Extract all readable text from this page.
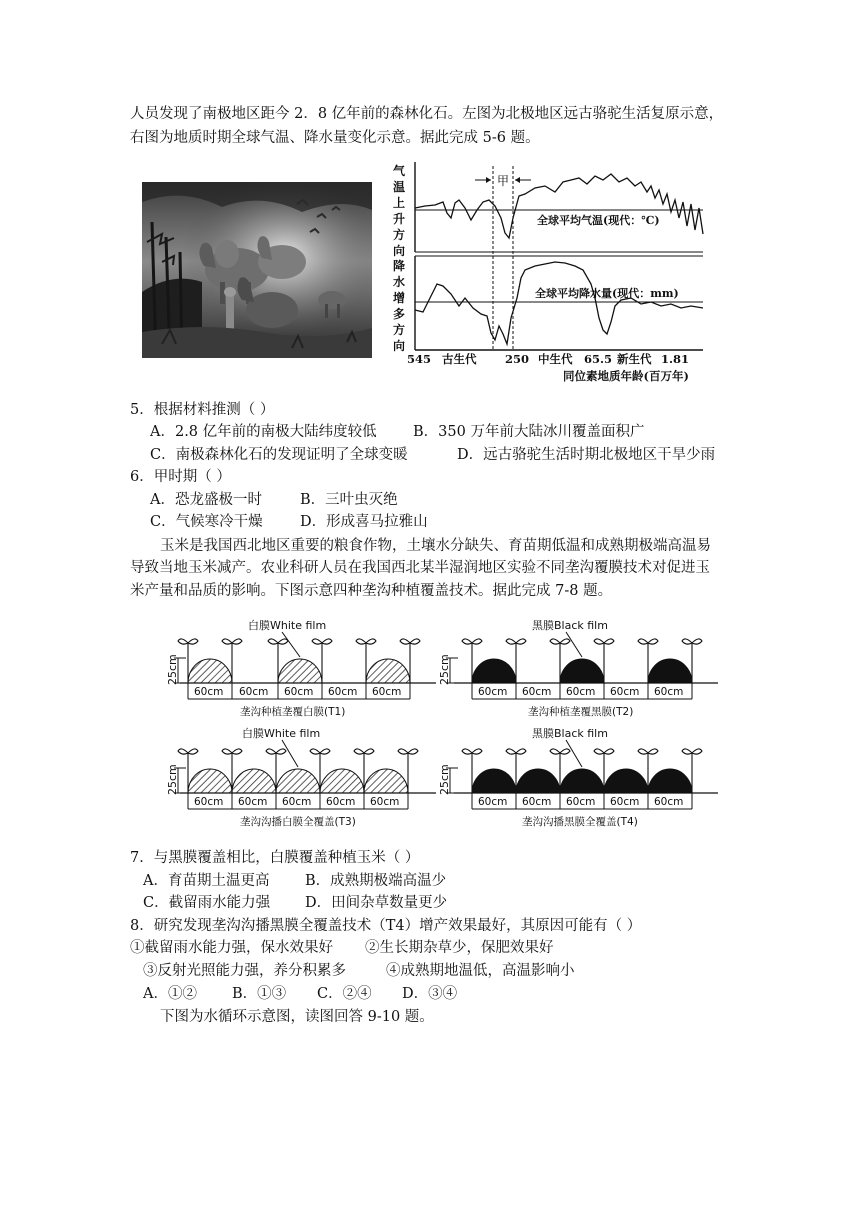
人员发现了南极地区距今 2．8 亿年前的森林化石。左图为北极地区远古骆驼生活复原示意，
右图为地质时期全球气温、降水量变化示意。据此完成 5-6 题。
气
温
上
升
方
向
降
水
增
多
方
向
甲
全球平均气温(现代：℃)
全球平均降水量(现代：mm)
545 古生代 250 中生代 65.5 新生代 1.81
同位素地质年龄(百万年)
5．根据材料推测（ ）
A．2.8 亿年前的南极大陆纬度较低	B．350 万年前大陆冰川覆盖面积广
C．南极森林化石的发现证明了全球变暖	D．远古骆驼生活时期北极地区干旱少雨
6．甲时期（ ）
A．恐龙盛极一时	B．三叶虫灭绝
C．气候寒冷干燥	D．形成喜马拉雅山
玉米是我国西北地区重要的粮食作物，土壤水分缺失、育苗期低温和成熟期极端高温易
导致当地玉米减产。农业科研人员在我国西北某半湿润地区实验不同垄沟覆膜技术对促进玉
米产量和品质的影响。下图示意四种垄沟种植覆盖技术。据此完成 7-8 题。
白膜White film
25cm
60cm 60cm 60cm 60cm 60cm
垄沟种植垄覆白膜(T1)
黑膜Black film
25cm
60cm 60cm 60cm 60cm 60cm
垄沟种植垄覆黑膜(T2)
白膜White film
25cm
60cm 60cm 60cm 60cm 60cm
垄沟沟播白膜全覆盖(T3)
黑膜Black film
25cm
60cm 60cm 60cm 60cm 60cm
垄沟沟播黑膜全覆盖(T4)
7．与黑膜覆盖相比，白膜覆盖种植玉米（ ）
A．育苗期土温更高 B．成熟期极端高温少
C．截留雨水能力强 D．田间杂草数量更少
8．研究发现垄沟沟播黑膜全覆盖技术（T4）增产效果最好，其原因可能有（ ）
①截留雨水能力强，保水效果好 ②生长期杂草少，保肥效果好
③反射光照能力强，养分积累多	④成熟期地温低，高温影响小
A．①② B．①③ C．②④ D．③④
下图为水循环示意图，读图回答 9-10 题。
